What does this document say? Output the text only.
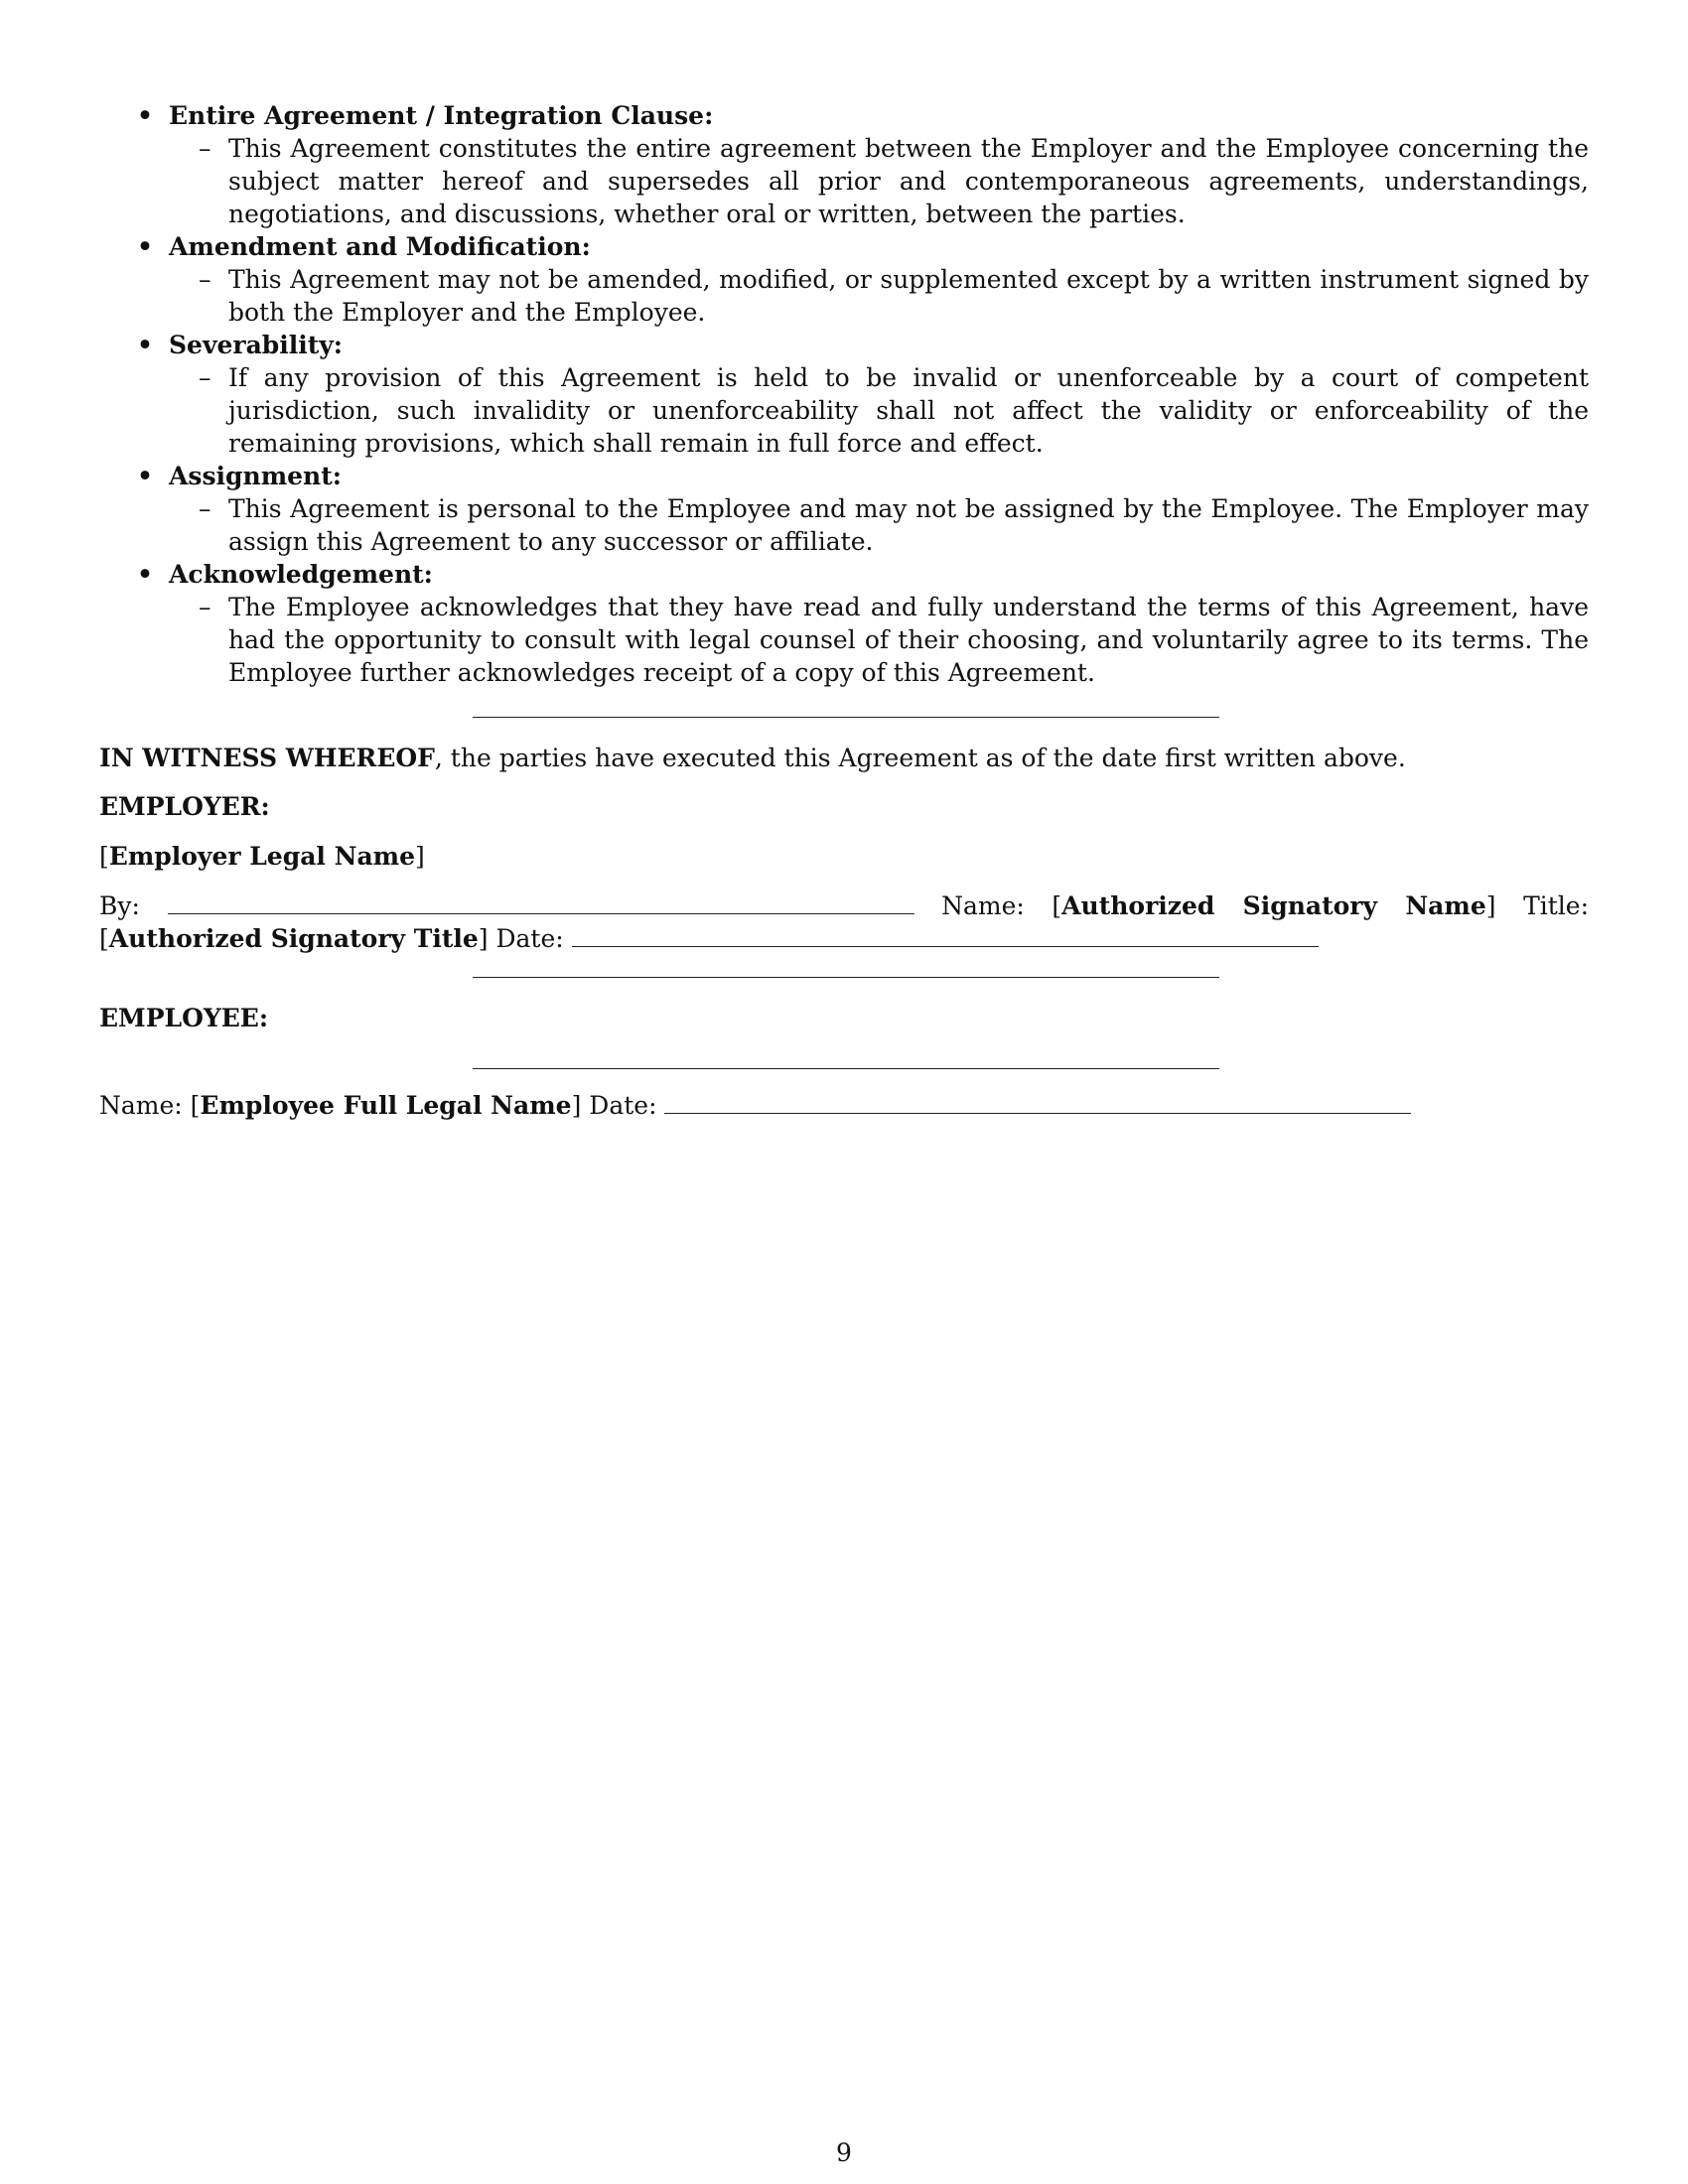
• Entire Agreement / Integration Clause:
– This Agreement constitutes the entire agreement between the Employer and the Employee concerning the subject matter hereof and supersedes all prior and contemporaneous agreements, understandings, negotiations, and discussions, whether oral or written, between the parties.
• Amendment and Modification:
– This Agreement may not be amended, modified, or supplemented except by a written instrument signed by both the Employer and the Employee.
• Severability:
– If any provision of this Agreement is held to be invalid or unenforceable by a court of competent jurisdiction, such invalidity or unenforceability shall not affect the validity or enforceability of the remaining provisions, which shall remain in full force and effect.
• Assignment:
– This Agreement is personal to the Employee and may not be assigned by the Employee. The Employer may assign this Agreement to any successor or affiliate.
• Acknowledgement:
– The Employee acknowledges that they have read and fully understand the terms of this Agreement, have had the opportunity to consult with legal counsel of their choosing, and voluntarily agree to its terms. The Employee further acknowledges receipt of a copy of this Agreement.
IN WITNESS WHEREOF, the parties have executed this Agreement as of the date first written above.
EMPLOYER:
[Employer Legal Name]
By:	Name: [Authorized Signatory Name] Title: [Authorized Signatory Title] Date:
EMPLOYEE:
Name: [Employee Full Legal Name] Date:
9
